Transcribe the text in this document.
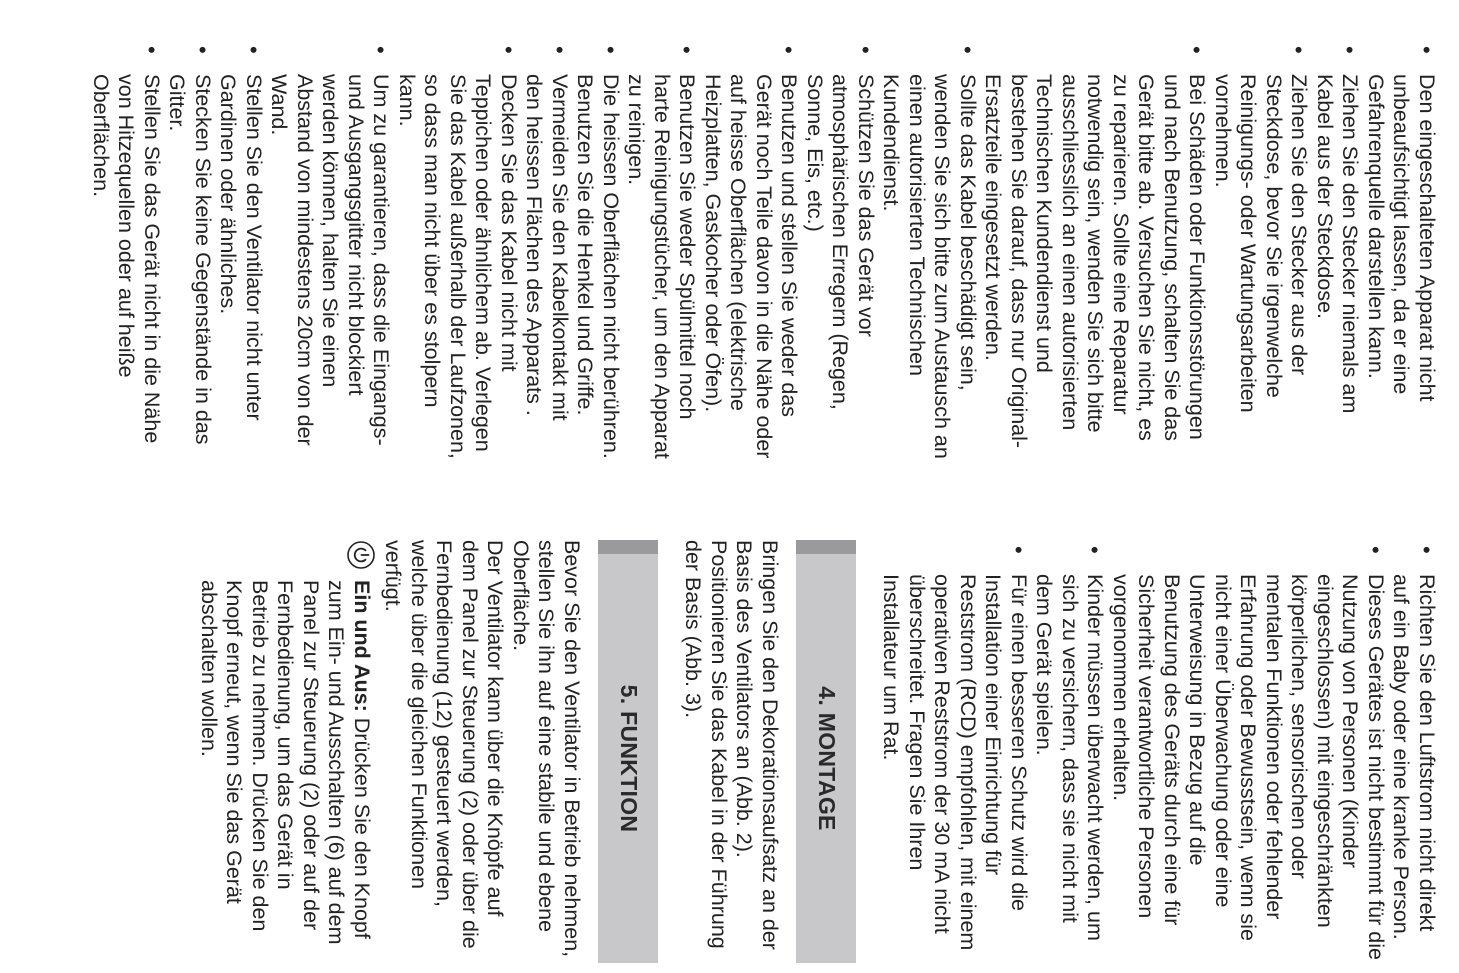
• Den eingeschalteten Apparat nicht unbeaufsichtigt lassen, da er eine Gefahrenquelle darstellen kann.
• Ziehen Sie den Stecker niemals am Kabel aus der Steckdose.
• Ziehen Sie den Stecker aus der Steckdose, bevor Sie irgenwelche Reinigungs- oder Wartungsarbeiten vornehmen.
• Bei Schäden oder Funktionsstörungen und nach Benutzung, schalten Sie das Gerät bitte ab. Versuchen Sie nicht, es zu reparieren. Sollte eine Reparatur notwendig sein, wenden Sie sich bitte ausschliesslich an einen autorisierten Technischen Kundendienst und bestehen Sie darauf, dass nur Original-Ersatzteile eingesetzt werden.
• Sollte das Kabel beschädigt sein, wenden Sie sich bitte zum Austausch an einen autorisierten Technischen Kundendienst.
• Schützen Sie das Gerät vor atmosphärischen Erregern (Regen, Sonne, Eis, etc.)
• Benutzen und stellen Sie weder das Gerät noch Teile davon in die Nähe oder auf heisse Oberflächen (elektrische Heizplatten, Gaskocher oder Öfen).
• Benutzen Sie weder Spülmittel noch harte Reinigungstücher, um den Apparat zu reinigen.
• Die heissen Oberflächen nicht berühren. Benutzen Sie die Henkel und Griffe.
• Vermeiden Sie den Kabelkontakt mit den heissen Flächen des Apparats .
• Decken Sie das Kabel nicht mit Teppichen oder ähnlichem ab. Verlegen Sie das Kabel außerhalb der Laufzonen, so dass man nicht über es stolpern kann.
• Um zu garantieren, dass die Eingangs- und Ausgangsgitter nicht blockiert werden können, halten Sie einen Abstand von mindestens 20cm von der Wand.
• Stellen Sie den Ventilator nicht unter Gardinen oder ähnliches.
• Stecken Sie keine Gegenstände in das Gitter.
• Stellen Sie das Gerät nicht in die Nähe von Hitzequellen oder auf heiße Oberflächen.
• Richten Sie den Luftstrom nicht direkt auf ein Baby oder eine kranke Person.
• Dieses Gerätes ist nicht bestimmt für die Nutzung von Personen (Kinder eingeschlossen) mit eingeschränkten körperlichen, sensorischen oder mentalen Funktionen oder fehlender Erfahrung oder Bewusstsein, wenn sie nicht einer Überwachung oder eine Unterweisung in Bezug auf die Benutzung des Geräts durch eine für Sicherheit verantwortliche Personen vorgenommen erhalten.
• Kinder müssen überwacht werden, um sich zu versichern, dass sie nicht mit dem Gerät spielen.
• Für einen besseren Schutz wird die Installation einer Einrichtung für Reststrom (RCD) empfohlen, mit einem operativen Reststrom der 30 mA nicht überschreitet. Fragen Sie Ihren Installateur um Rat.
4. MONTAGE

Bringen Sie den Dekorationsaufsatz an der Basis des Ventilators an (Abb. 2). Positionieren Sie das Kabel in der Führung der Basis (Abb. 3).

5. FUNKTION

Bevor Sie den Ventilator in Betrieb nehmen, stellen Sie ihn auf eine stabile und ebene Oberfläche.

Der Ventilator kann über die Knöpfe auf dem Panel zur Steuerung (2) oder über die Fernbedienung (12) gesteuert werden, welche über die gleichen Funktionen verfügt.

Ein und Aus: Drücken Sie den Knopf zum Ein- und Ausschalten (6) auf dem Panel zur Steuerung (2) oder auf der Fernbedienung, um das Gerät in Betrieb zu nehmen. Drücken Sie den Knopf erneut, wenn Sie das Gerät abschalten wollen.
